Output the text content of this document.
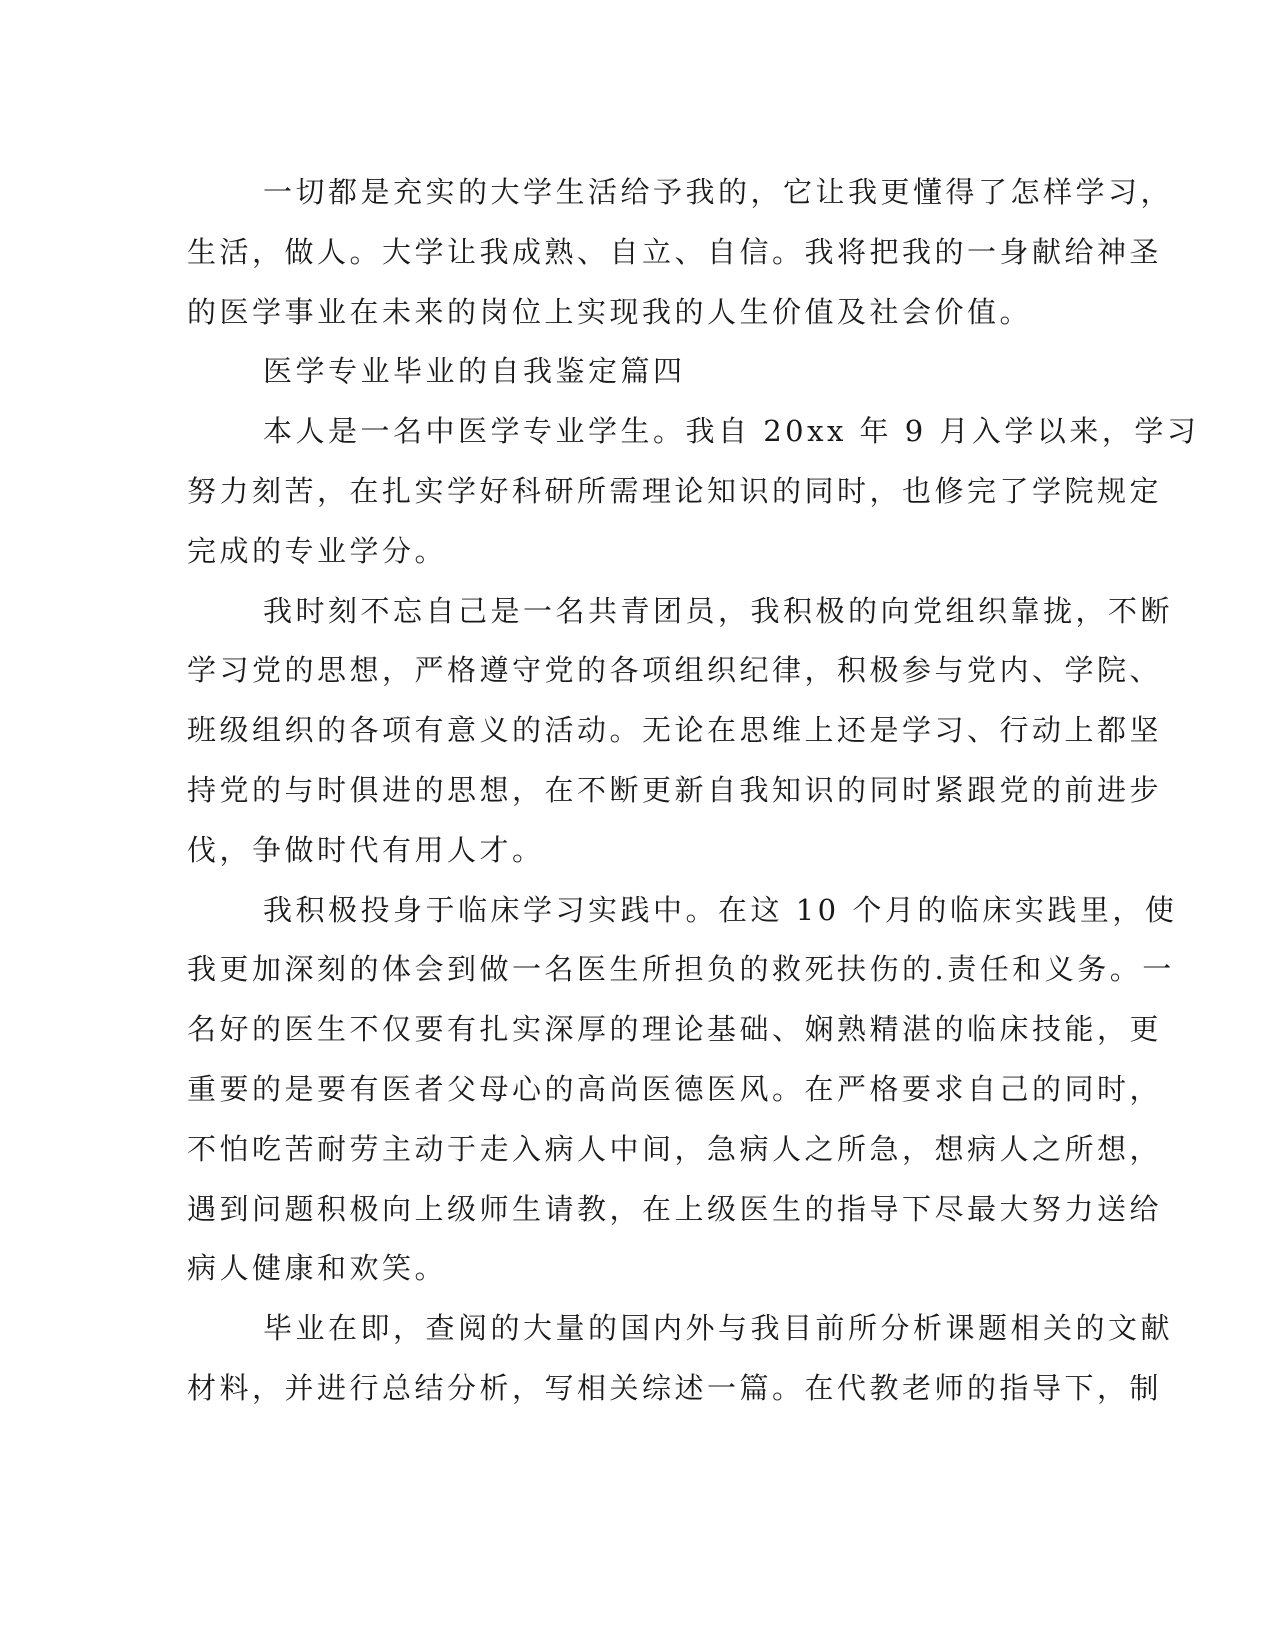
一切都是充实的大学生活给予我的，它让我更懂得了怎样学习，
生活，做人。大学让我成熟、自立、自信。我将把我的一身献给神圣
的医学事业在未来的岗位上实现我的人生价值及社会价值。
医学专业毕业的自我鉴定篇四
本人是一名中医学专业学生。我自 20xx 年 9 月入学以来，学习
努力刻苦，在扎实学好科研所需理论知识的同时，也修完了学院规定
完成的专业学分。
我时刻不忘自己是一名共青团员，我积极的向党组织靠拢，不断
学习党的思想，严格遵守党的各项组织纪律，积极参与党内、学院、
班级组织的各项有意义的活动。无论在思维上还是学习、行动上都坚
持党的与时俱进的思想，在不断更新自我知识的同时紧跟党的前进步
伐，争做时代有用人才。
我积极投身于临床学习实践中。在这 10 个月的临床实践里，使
我更加深刻的体会到做一名医生所担负的救死扶伤的.责任和义务。一
名好的医生不仅要有扎实深厚的理论基础、娴熟精湛的临床技能，更
重要的是要有医者父母心的高尚医德医风。在严格要求自己的同时，
不怕吃苦耐劳主动于走入病人中间，急病人之所急，想病人之所想，
遇到问题积极向上级师生请教，在上级医生的指导下尽最大努力送给
病人健康和欢笑。
毕业在即，查阅的大量的国内外与我目前所分析课题相关的文献
材料，并进行总结分析，写相关综述一篇。在代教老师的指导下，制
